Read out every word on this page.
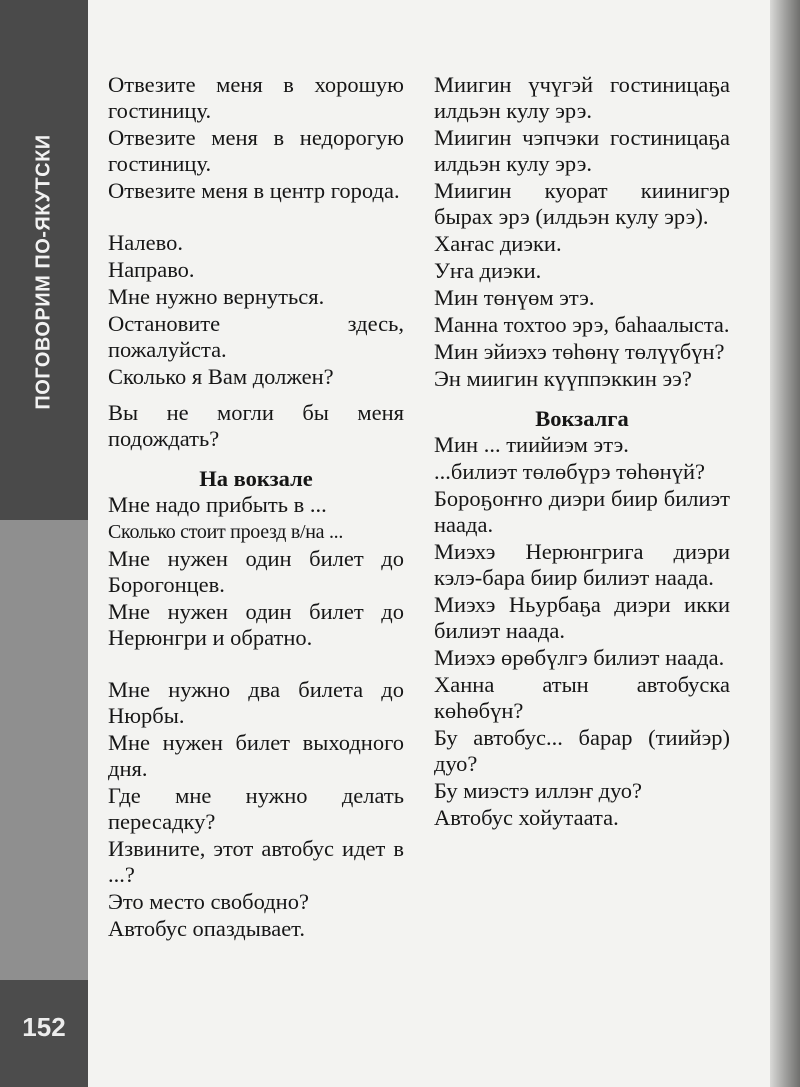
ПОГОВОРИМ ПО-ЯКУТСКИ
152

Отвезите меня в хорошую гостиницу.

Отвезите меня в недорогую гостиницу.

Отвезите меня в центр города.

Налево.

Направо.

Мне нужно вернуться.

Остановите здесь, пожалуйста.

Сколько я Вам должен?

Вы не могли бы меня подождать?

На вокзале

Мне надо прибыть в ...

Сколько стоит проезд в/на ...

Мне нужен один билет до Борогонцев.

Мне нужен один билет до Нерюнгри и обратно.

Мне нужно два билета до Нюрбы.

Мне нужен билет выходного дня.

Где мне нужно делать пересадку?

Извините, этот автобус идет в ...?

Это место свободно?

Автобус опаздывает.

Миигин үчүгэй гостиницаҕа илдьэн кулу эрэ.

Миигин чэпчэки гостиницаҕа илдьэн кулу эрэ.

Миигин куорат киинигэр бырах эрэ (илдьэн кулу эрэ).

Хаҥас диэки.

Уҥа диэки.

Мин төнүөм этэ.

Манна тохтоо эрэ, баһаалыста.

Мин эйиэхэ төһөнү төлүүбүн?

Эн миигин күүппэккин ээ?

Вокзалга

Мин ... тиийиэм этэ.

...билиэт төлөбүрэ төһөнүй?

Бороҕоҥҥо диэри биир билиэт наада.

Миэхэ Нерюнгрига диэри кэлэ-бара биир билиэт наада.

Миэхэ Ньурбаҕа диэри икки билиэт наада.

Миэхэ өрөбүлгэ билиэт наада.

Ханна атын автобуска көһөбүн?

Бу автобус... барар (тиийэр) дуо?

Бу миэстэ иллэҥ дуо?

Автобус хойутаата.
